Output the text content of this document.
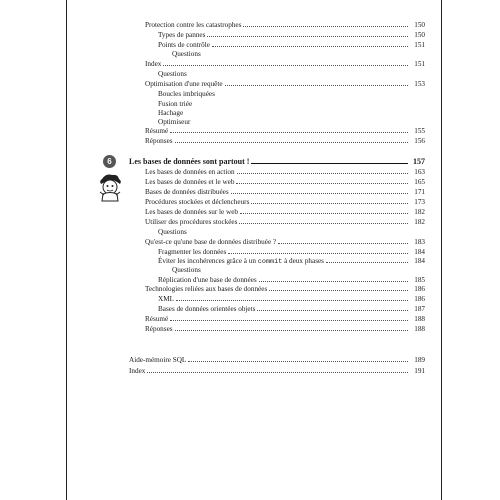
Protection contre les catastrophes	150
Types de pannes	150
Points de contrôle	151
Questions
Index	151
Questions
Optimisation d'une requête	153
Boucles imbriquées
Fusion triée
Hachage
Optimiseur
Résumé	155
Réponses	156
6	Les bases de données sont partout !	157
Les bases de données en action	163
Les bases de données et le web	165
Bases de données distribuées	171
Procédures stockées et déclencheurs	173
Les bases de données sur le web	182
Utiliser des procédures stockées	182
Questions
Qu'est-ce qu'une base de données distribuée ?	183
Fragmenter les données	184
Éviter les incohérences grâce à un commit à deux phases	184
Questions
Réplication d'une base de données	185
Technologies reliées aux bases de données	186
XML	186
Bases de données orientées objets	187
Résumé	188
Réponses	188
Aide-mémoire SQL	189
Index	191
